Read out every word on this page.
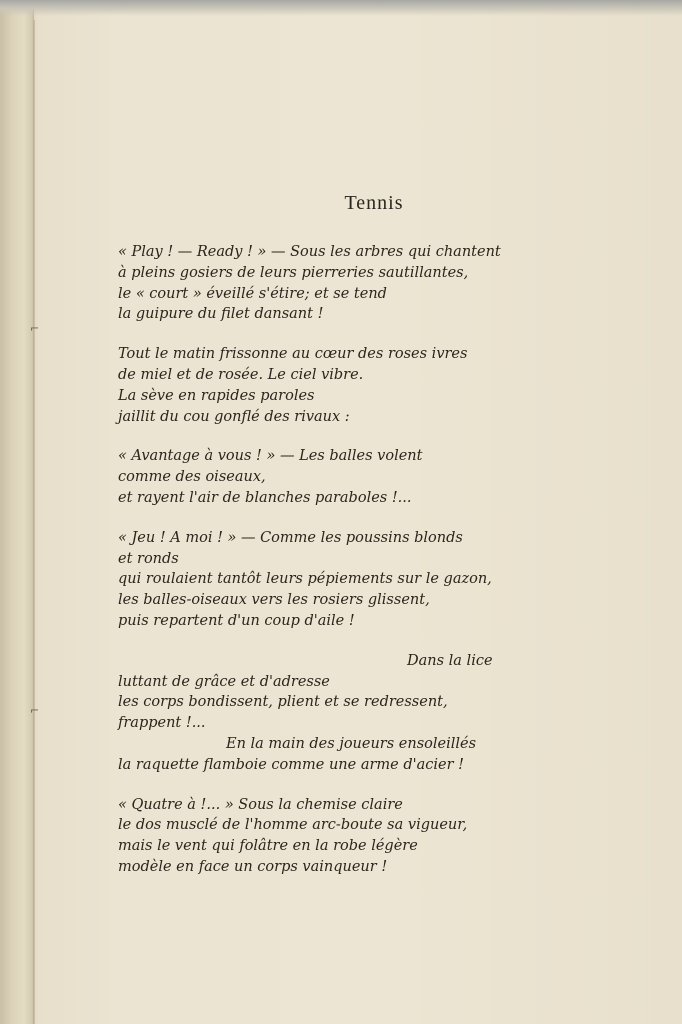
⌐
⌐
Tennis
« Play ! — Ready ! » — Sous les arbres qui chantent
à pleins gosiers de leurs pierreries sautillantes,
le « court » éveillé s'étire; et se tend
la guipure du filet dansant !
Tout le matin frissonne au cœur des roses ivres
de miel et de rosée. Le ciel vibre.
La sève en rapides paroles
jaillit du cou gonflé des rivaux :
« Avantage à vous ! » — Les balles volent
comme des oiseaux,
et rayent l'air de blanches paraboles !...
« Jeu ! A moi ! » — Comme les poussins blonds
et ronds
qui roulaient tantôt leurs pépiements sur le gazon,
les balles-oiseaux vers les rosiers glissent,
puis repartent d'un coup d'aile !
Dans la lice
luttant de grâce et d'adresse
les corps bondissent, plient et se redressent,
frappent !...
En la main des joueurs ensoleillés
la raquette flamboie comme une arme d'acier !
« Quatre à !... » Sous la chemise claire
le dos musclé de l'homme arc-boute sa vigueur,
mais le vent qui folâtre en la robe légère
modèle en face un corps vainqueur !
